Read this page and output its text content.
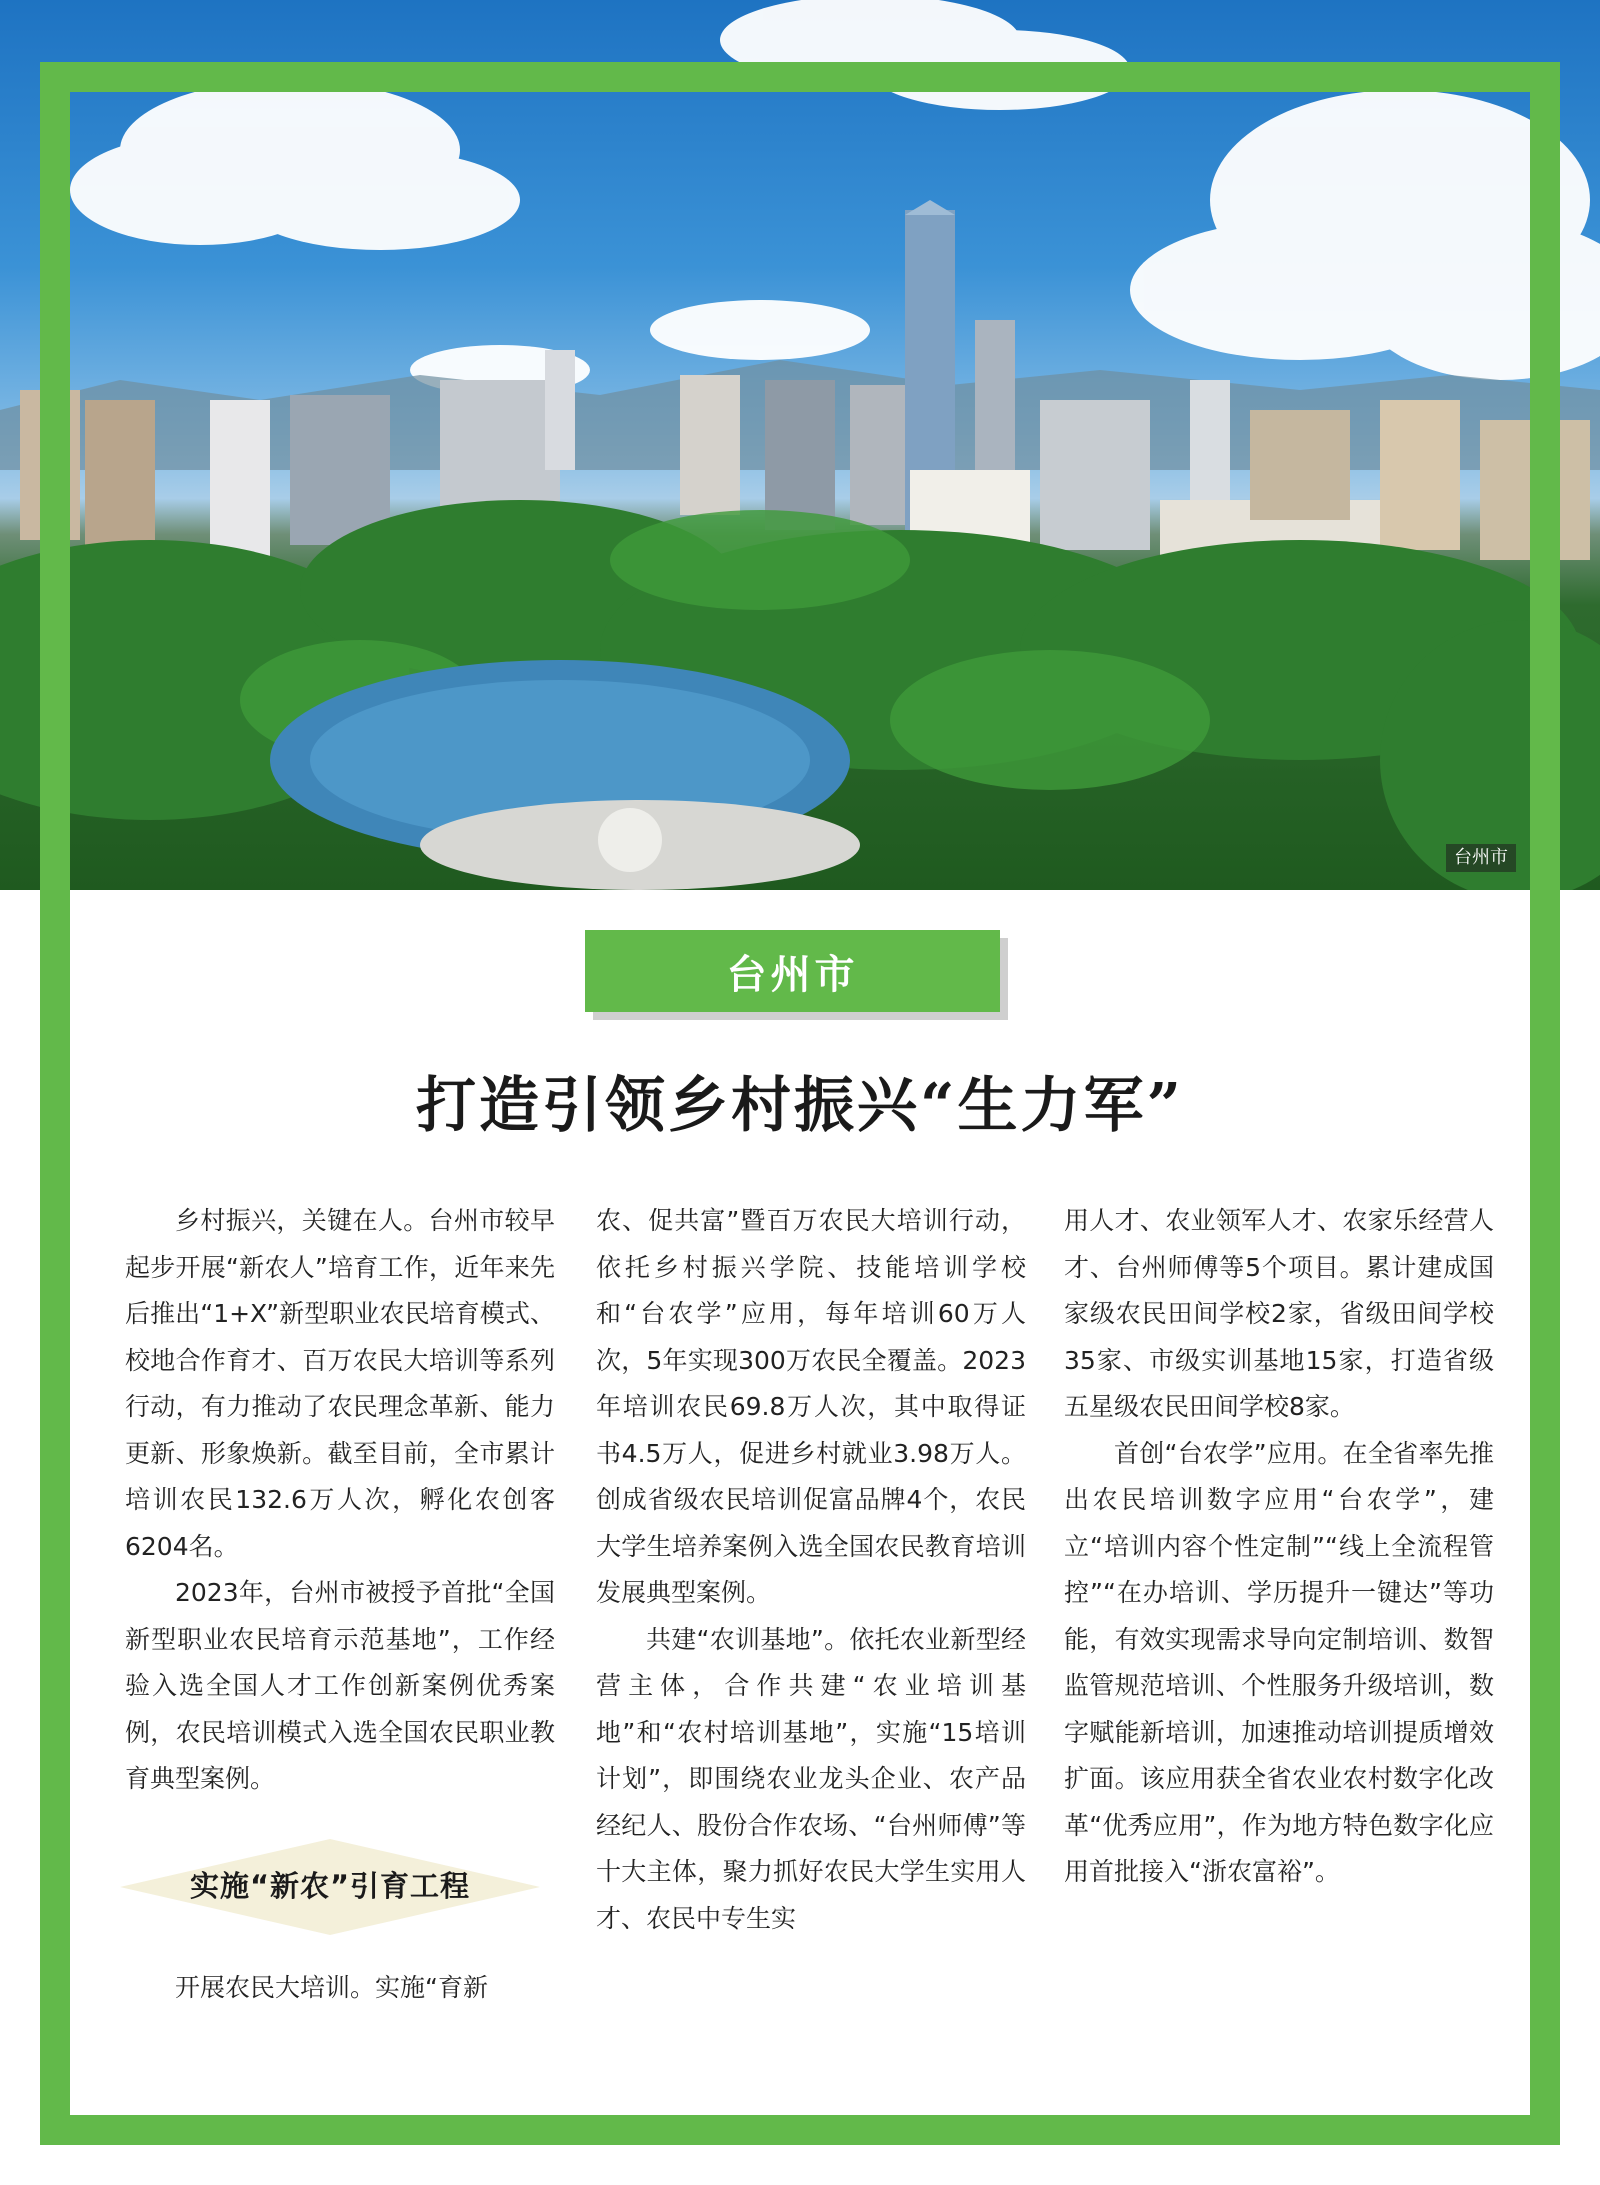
台州市
台州市
打造引领乡村振兴“生力军”

乡村振兴，关键在人。台州市较早起步开展“新农人”培育工作，近年来先后推出“1+X”新型职业农民培育模式、校地合作育才、百万农民大培训等系列行动，有力推动了农民理念革新、能力更新、形象焕新。截至目前，全市累计培训农民132.6万人次，孵化农创客6204名。

2023年，台州市被授予首批“全国新型职业农民培育示范基地”，工作经验入选全国人才工作创新案例优秀案例，农民培训模式入选全国农民职业教育典型案例。

实施“新农”引育工程

开展农民大培训。实施“育新

农、促共富”暨百万农民大培训行动，依托乡村振兴学院、技能培训学校和“台农学”应用，每年培训60万人次，5年实现300万农民全覆盖。2023年培训农民69.8万人次，其中取得证书4.5万人，促进乡村就业3.98万人。创成省级农民培训促富品牌4个，农民大学生培养案例入选全国农民教育培训发展典型案例。

共建“农训基地”。依托农业新型经营主体，合作共建“农业培训基地”和“农村培训基地”，实施“15培训计划”，即围绕农业龙头企业、农产品经纪人、股份合作农场、“台州师傅”等十大主体，聚力抓好农民大学生实用人才、农民中专生实

用人才、农业领军人才、农家乐经营人才、台州师傅等5个项目。累计建成国家级农民田间学校2家，省级田间学校35家、市级实训基地15家，打造省级五星级农民田间学校8家。

首创“台农学”应用。在全省率先推出农民培训数字应用“台农学”，建立“培训内容个性定制”“线上全流程管控”“在办培训、学历提升一键达”等功能，有效实现需求导向定制培训、数智监管规范培训、个性服务升级培训，数字赋能新培训，加速推动培训提质增效扩面。该应用获全省农业农村数字化改革“优秀应用”，作为地方特色数字化应用首批接入“浙农富裕”。
